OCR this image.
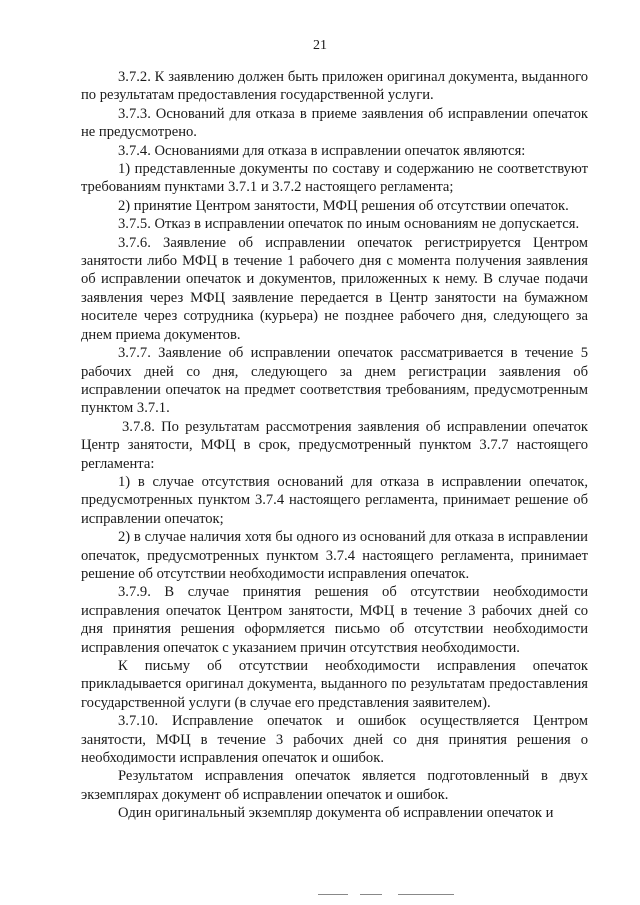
21

3.7.2. К заявлению должен быть приложен оригинал документа, выданного по результатам предоставления государственной услуги.

3.7.3. Оснований для отказа в приеме заявления об исправлении опечаток не предусмотрено.

3.7.4. Основаниями для отказа в исправлении опечаток являются:

1) представленные документы по составу и содержанию не соответствуют требованиям пунктами 3.7.1 и 3.7.2 настоящего регламента;

2) принятие Центром занятости, МФЦ решения об отсутствии опечаток.

3.7.5. Отказ в исправлении опечаток по иным основаниям не допускается.

3.7.6. Заявление об исправлении опечаток регистрируется Центром занятости либо МФЦ в течение 1 рабочего дня с момента получения заявления об исправлении опечаток и документов, приложенных к нему. В случае подачи заявления через МФЦ заявление передается в Центр занятости на бумажном носителе через сотрудника (курьера) не позднее рабочего дня, следующего за днем приема документов.

3.7.7. Заявление об исправлении опечаток рассматривается в течение 5 рабочих дней со дня, следующего за днем регистрации заявления об исправлении опечаток на предмет соответствия требованиям, предусмотренным пунктом 3.7.1.

3.7.8. По результатам рассмотрения заявления об исправлении опечаток Центр занятости, МФЦ в срок, предусмотренный пунктом 3.7.7 настоящего регламента:

1) в случае отсутствия оснований для отказа в исправлении опечаток, предусмотренных пунктом 3.7.4 настоящего регламента, принимает решение об исправлении опечаток;

2) в случае наличия хотя бы одного из оснований для отказа в исправлении опечаток, предусмотренных пунктом 3.7.4 настоящего регламента, принимает решение об отсутствии необходимости исправления опечаток.

3.7.9. В случае принятия решения об отсутствии необходимости исправления опечаток Центром занятости, МФЦ в течение 3 рабочих дней со дня принятия решения оформляется письмо об отсутствии необходимости исправления опечаток с указанием причин отсутствия необходимости.

К письму об отсутствии необходимости исправления опечаток прикладывается оригинал документа, выданного по результатам предоставления государственной услуги (в случае его представления заявителем).

3.7.10. Исправление опечаток и ошибок осуществляется Центром занятости, МФЦ в течение 3 рабочих дней со дня принятия решения о необходимости исправления опечаток и ошибок.

Результатом исправления опечаток является подготовленный в двух экземплярах документ об исправлении опечаток и ошибок.

Один оригинальный экземпляр документа об исправлении опечаток и
